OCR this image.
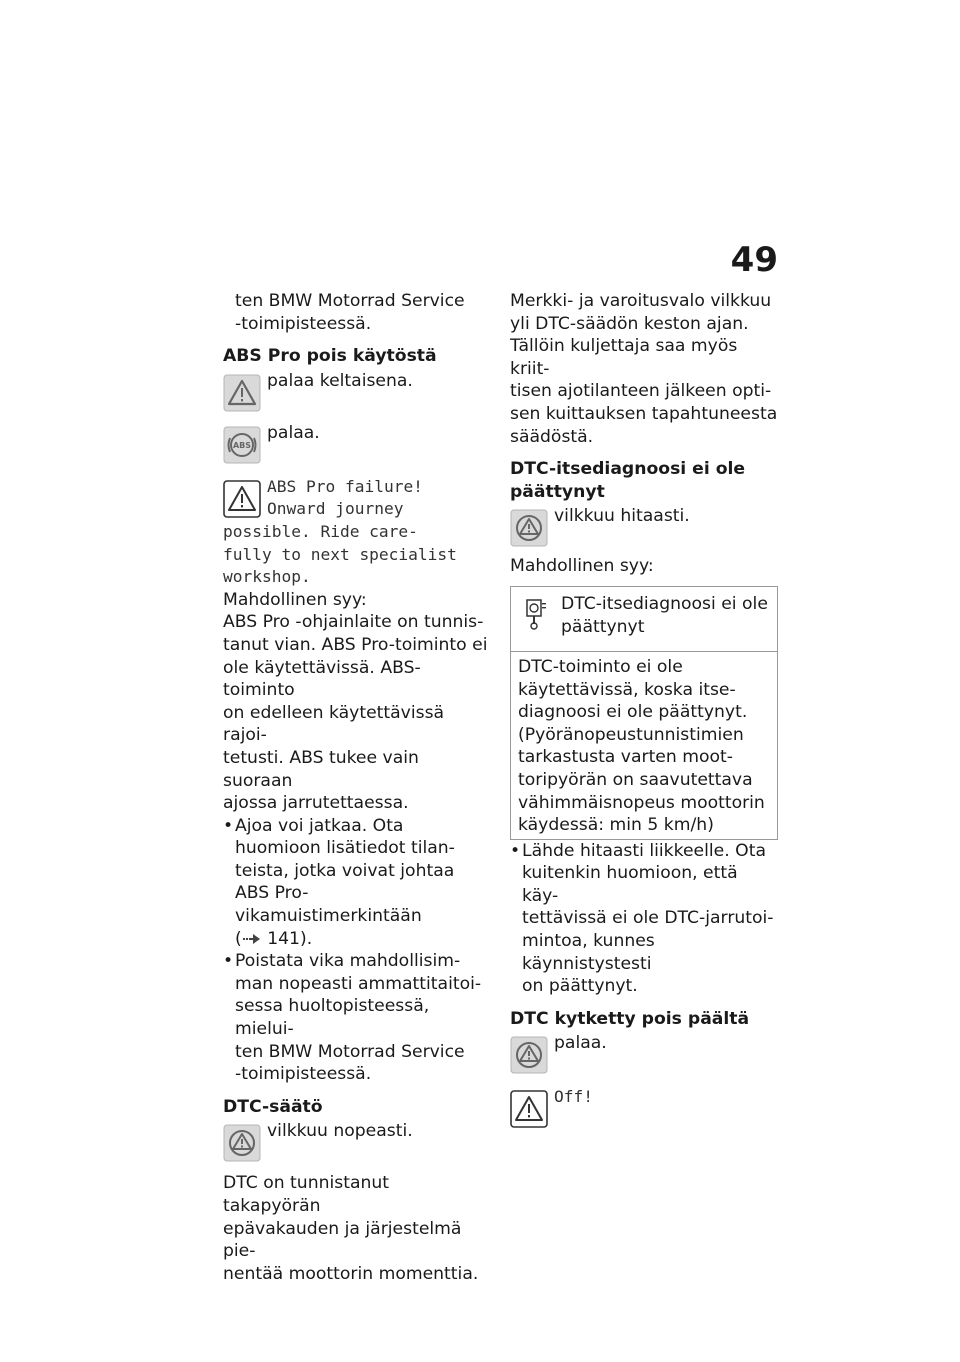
49

ten BMW Motorrad Service

-toimipisteessä.

ABS Pro pois käytöstä

palaa keltaisena.

ABS

palaa.

ABS Pro failure!

Onward journey

possible. Ride care-

fully to next specialist

workshop.

Mahdollinen syy:

ABS Pro -ohjainlaite on tunnis-

tanut vian. ABS Pro-toiminto ei

ole käytettävissä. ABS-toiminto

on edelleen käytettävissä rajoi-

tetusti. ABS tukee vain suoraan

ajossa jarrutettaessa.

• Ajoa voi jatkaa. Ota

huomioon lisätiedot tilan-

teista, jotka voivat johtaa

ABS Pro-vikamuistimerkintään

( 141).

• Poistata vika mahdollisim-

man nopeasti ammattitaitoi-

sessa huoltopisteessä, mielui-

ten BMW Motorrad Service

-toimipisteessä.

DTC-säätö

vilkkuu nopeasti.

DTC on tunnistanut takapyörän

epävakauden ja järjestelmä pie-

nentää moottorin momenttia.

Merkki- ja varoitusvalo vilkkuu

yli DTC-säädön keston ajan.

Tällöin kuljettaja saa myös kriit-

tisen ajotilanteen jälkeen opti-

sen kuittauksen tapahtuneesta

säädöstä.

DTC-itsediagnoosi ei ole
päättynyt

vilkkuu hitaasti.

Mahdollinen syy:

DTC-itsediagnoosi ei ole

päättynyt

DTC-toiminto ei ole

käytettävissä, koska itse-

diagnoosi ei ole päättynyt.

(Pyöränopeustunnistimien

tarkastusta varten moot-

toripyörän on saavutettava

vähimmäisnopeus moottorin

käydessä: min 5 km/h)

• Lähde hitaasti liikkeelle. Ota

kuitenkin huomioon, että käy-

tettävissä ei ole DTC-jarrutoi-

mintoa, kunnes käynnistystesti

on päättynyt.

DTC kytketty pois päältä

palaa.

Off!
